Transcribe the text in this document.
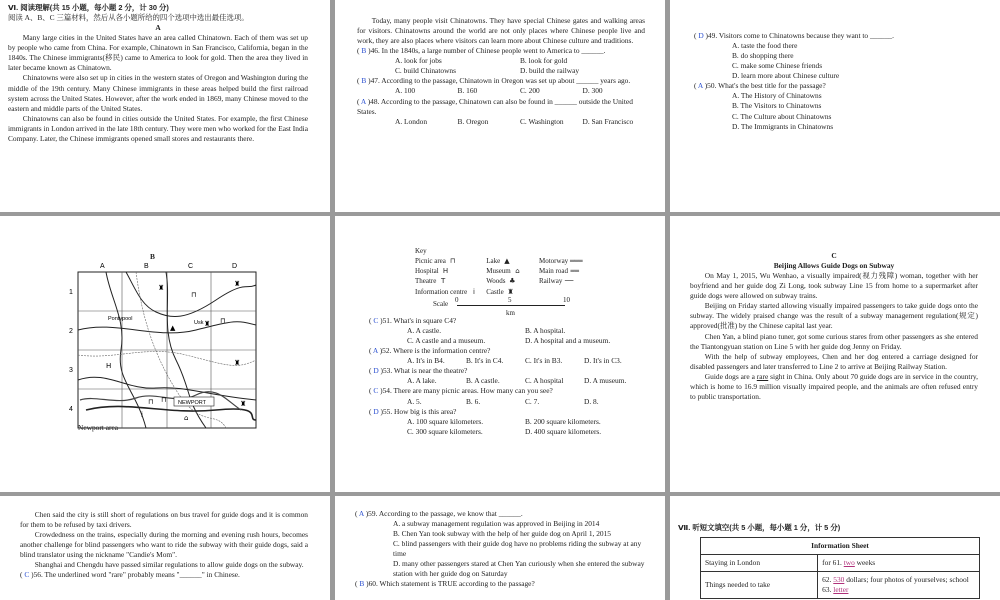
Ⅵ. 阅读理解(共 15 小题，每小题 2 分，计 30 分)
阅读 A、B、C 三篇材料，然后从各小题所给的四个选项中选出最佳选项。
A

Many large cities in the United States have an area called Chinatown. Each of them was set up by people who came from China. For example, Chinatown in San Francisco, California, began in the 1840s. The Chinese immigrants(移民) came to America to look for gold. Then the area they lived in later became known as Chinatown.

Chinatowns were also set up in cities in the western states of Oregon and Washington during the middle of the 19th century. Many Chinese immigrants in these areas helped build the first railroad system across the United States. However, after the work ended in 1869, many Chinese moved to the eastern and middle parts of the United States.

Chinatowns can also be found in cities outside the United States. For example, the first Chinese immigrants in London arrived in the late 18th century. They were men who worked for the East India Company. Later, the Chinese immigrants opened small stores and restaurants there.

Today, many people visit Chinatowns. They have special Chinese gates and walking areas for visitors. Chinatowns around the world are not only places where Chinese people live and work, they are also places where visitors can learn more about Chinese culture and traditions.

( B )46. In the 1840s, a large number of Chinese people went to America to ______.
A. look for jobs	B. look for gold
C. build Chinatowns	D. build the railway
( B )47. According to the passage, Chinatown in Oregon was set up about ______ years ago.
A. 100	B. 160	C. 200	D. 300
( A )48. According to the passage, Chinatown can also be found in ______ outside the United States.
A. London	B. Oregon	C. Washington	D. San Francisco
( D )49. Visitors come to Chinatowns because they want to ______.
A. taste the food there
B. do shopping there
C. make some Chinese friends
D. learn more about Chinese culture
( A )50. What's the best title for the passage?
A. The History of Chinatowns
B. The Visitors to Chinatowns
C. The Culture about Chinatowns
D. The Immigrants in Chinatowns
B
A	B	C	D
1
2
3
4
Pontypool
Usk
NEWPORT
♜
⊓
♜
▲	♜
♜
⊓
⊓
⊓	♜
H
i	⌂
Newport area
Key
Picnic area ⊓	Lake ▲	Motorway ═══
Hospital H	Museum ⌂	Main road ══
Theatre T	Woods ♣	Railway ──
Information centre i	Castle ♜
Scale 0	5	10
km
( C )51. What's in square C4?
A. A castle.	B. A hospital.
C. A castle and a museum.	D. A hospital and a museum.
( A )52. Where is the information centre?
A. It's in B4.	B. It's in C4.	C. It's in B3.	D. It's in C3.
( D )53. What is near the theatre?
A. A lake.	B. A castle.	C. A hospital	D. A museum.
( C )54. There are many picnic areas. How many can you see?
A. 5.	B. 6.	C. 7.	D. 8.
( D )55. How big is this area?
A. 100 square kilometers.	B. 200 square kilometers.
C. 300 square kilometers.	D. 400 square kilometers.
C
Beijing Allows Guide Dogs on Subway

On May 1, 2015, Wu Wenhao, a visually impaired(视力残障) woman, together with her boyfriend and her guide dog Zi Long, took subway Line 15 from home to a supermarket after guide dogs were allowed on subway trains.

Beijing on Friday started allowing visually impaired passengers to take guide dogs onto the subway. The widely praised change was the result of a subway management regulation(规定) approved(批准) by the Chinese capital last year.

Chen Yan, a blind piano tuner, got some curious stares from other passengers as she entered the Tiantongyuan station on Line 5 with her guide dog Jenny on Friday.

With the help of subway employees, Chen and her dog entered a carriage designed for disabled passengers and later transferred to Line 2 to arrive at Beijing Railway Station.

Guide dogs are a rare sight in China. Only about 70 guide dogs are in service in the country, which is home to 16.9 million visually impaired people, and the animals are often refused entry to public transportation.

Chen said the city is still short of regulations on bus travel for guide dogs and it is common for them to be refused by taxi drivers.

Crowdedness on the trains, especially during the morning and evening rush hours, becomes another challenge for blind passengers who want to ride the subway with their guide dogs, said a blind translator using the nickname "Candie's Mom".

Shanghai and Chengdu have passed similar regulations to allow guide dogs on the subway.

( C )56. The underlined word "rare" probably means "______" in Chinese.
( A )59. According to the passage, we know that ______.
A. a subway management regulation was approved in Beijing in 2014
B. Chen Yan took subway with the help of her guide dog on April 1, 2015
C. blind passengers with their guide dog have no problems riding the subway at any time
D. many other passengers stared at Chen Yan curiously when she entered the subway station with her guide dog on Saturday
( B )60. Which statement is TRUE according to the passage?
Ⅶ. 听短文填空(共 5 小题，每小题 1 分，计 5 分)
Information Sheet	
Staying in London	for 61. two weeks
Things needed to take	62. 530 dollars; four photos of yourselves; school 63. letter
